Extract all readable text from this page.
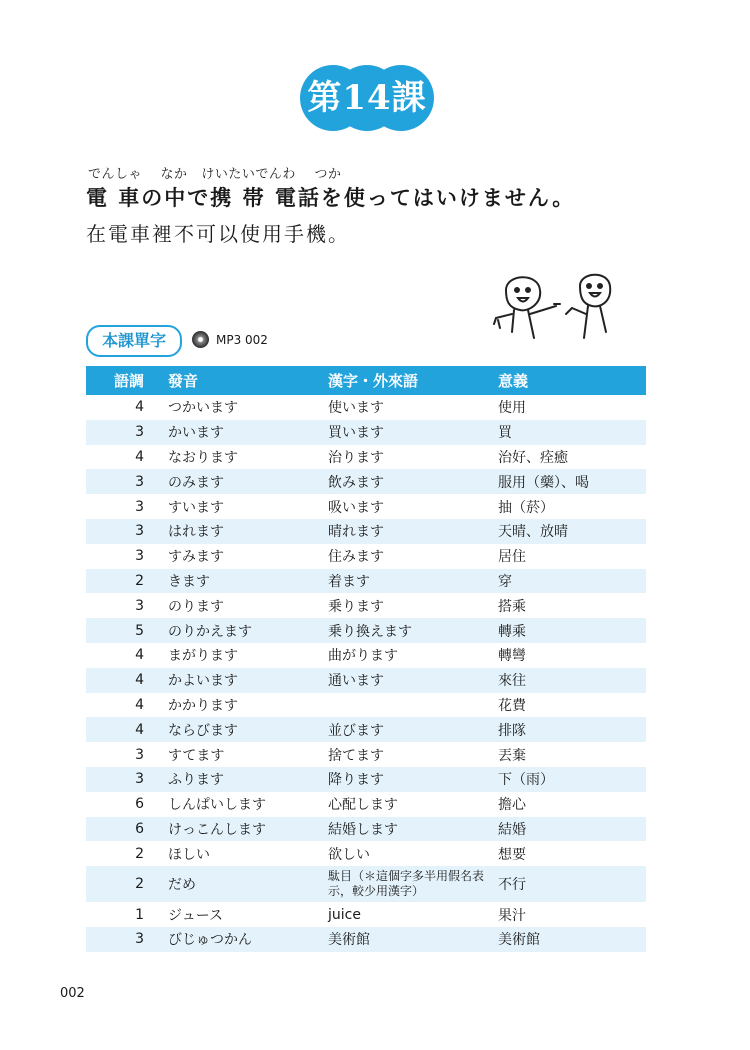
第14課
でんしゃ    なか   けいたいでんわ    つか
電 車の中で携 帯 電話を使ってはいけません。
在電車裡不可以使用手機。
本課單字	MP3 002
語調	發音	漢字・外來語	意義
4	つかいます	使います	使用
3	かいます	買います	買
4	なおります	治ります	治好、痊癒
3	のみます	飲みます	服用（藥）、喝
3	すいます	吸います	抽（菸）
3	はれます	晴れます	天晴、放晴
3	すみます	住みます	居住
2	きます	着ます	穿
3	のります	乗ります	搭乘
5	のりかえます	乗り換えます	轉乘
4	まがります	曲がります	轉彎
4	かよいます	通います	來往
4	かかります		花費
4	ならびます	並びます	排隊
3	すてます	捨てます	丟棄
3	ふります	降ります	下（雨）
6	しんぱいします	心配します	擔心
6	けっこんします	結婚します	結婚
2	ほしい	欲しい	想要
2	だめ	駄目（＊這個字多半用假名表示，較少用漢字）	不行
1	ジュース	juice	果汁
3	びじゅつかん	美術館	美術館
002
